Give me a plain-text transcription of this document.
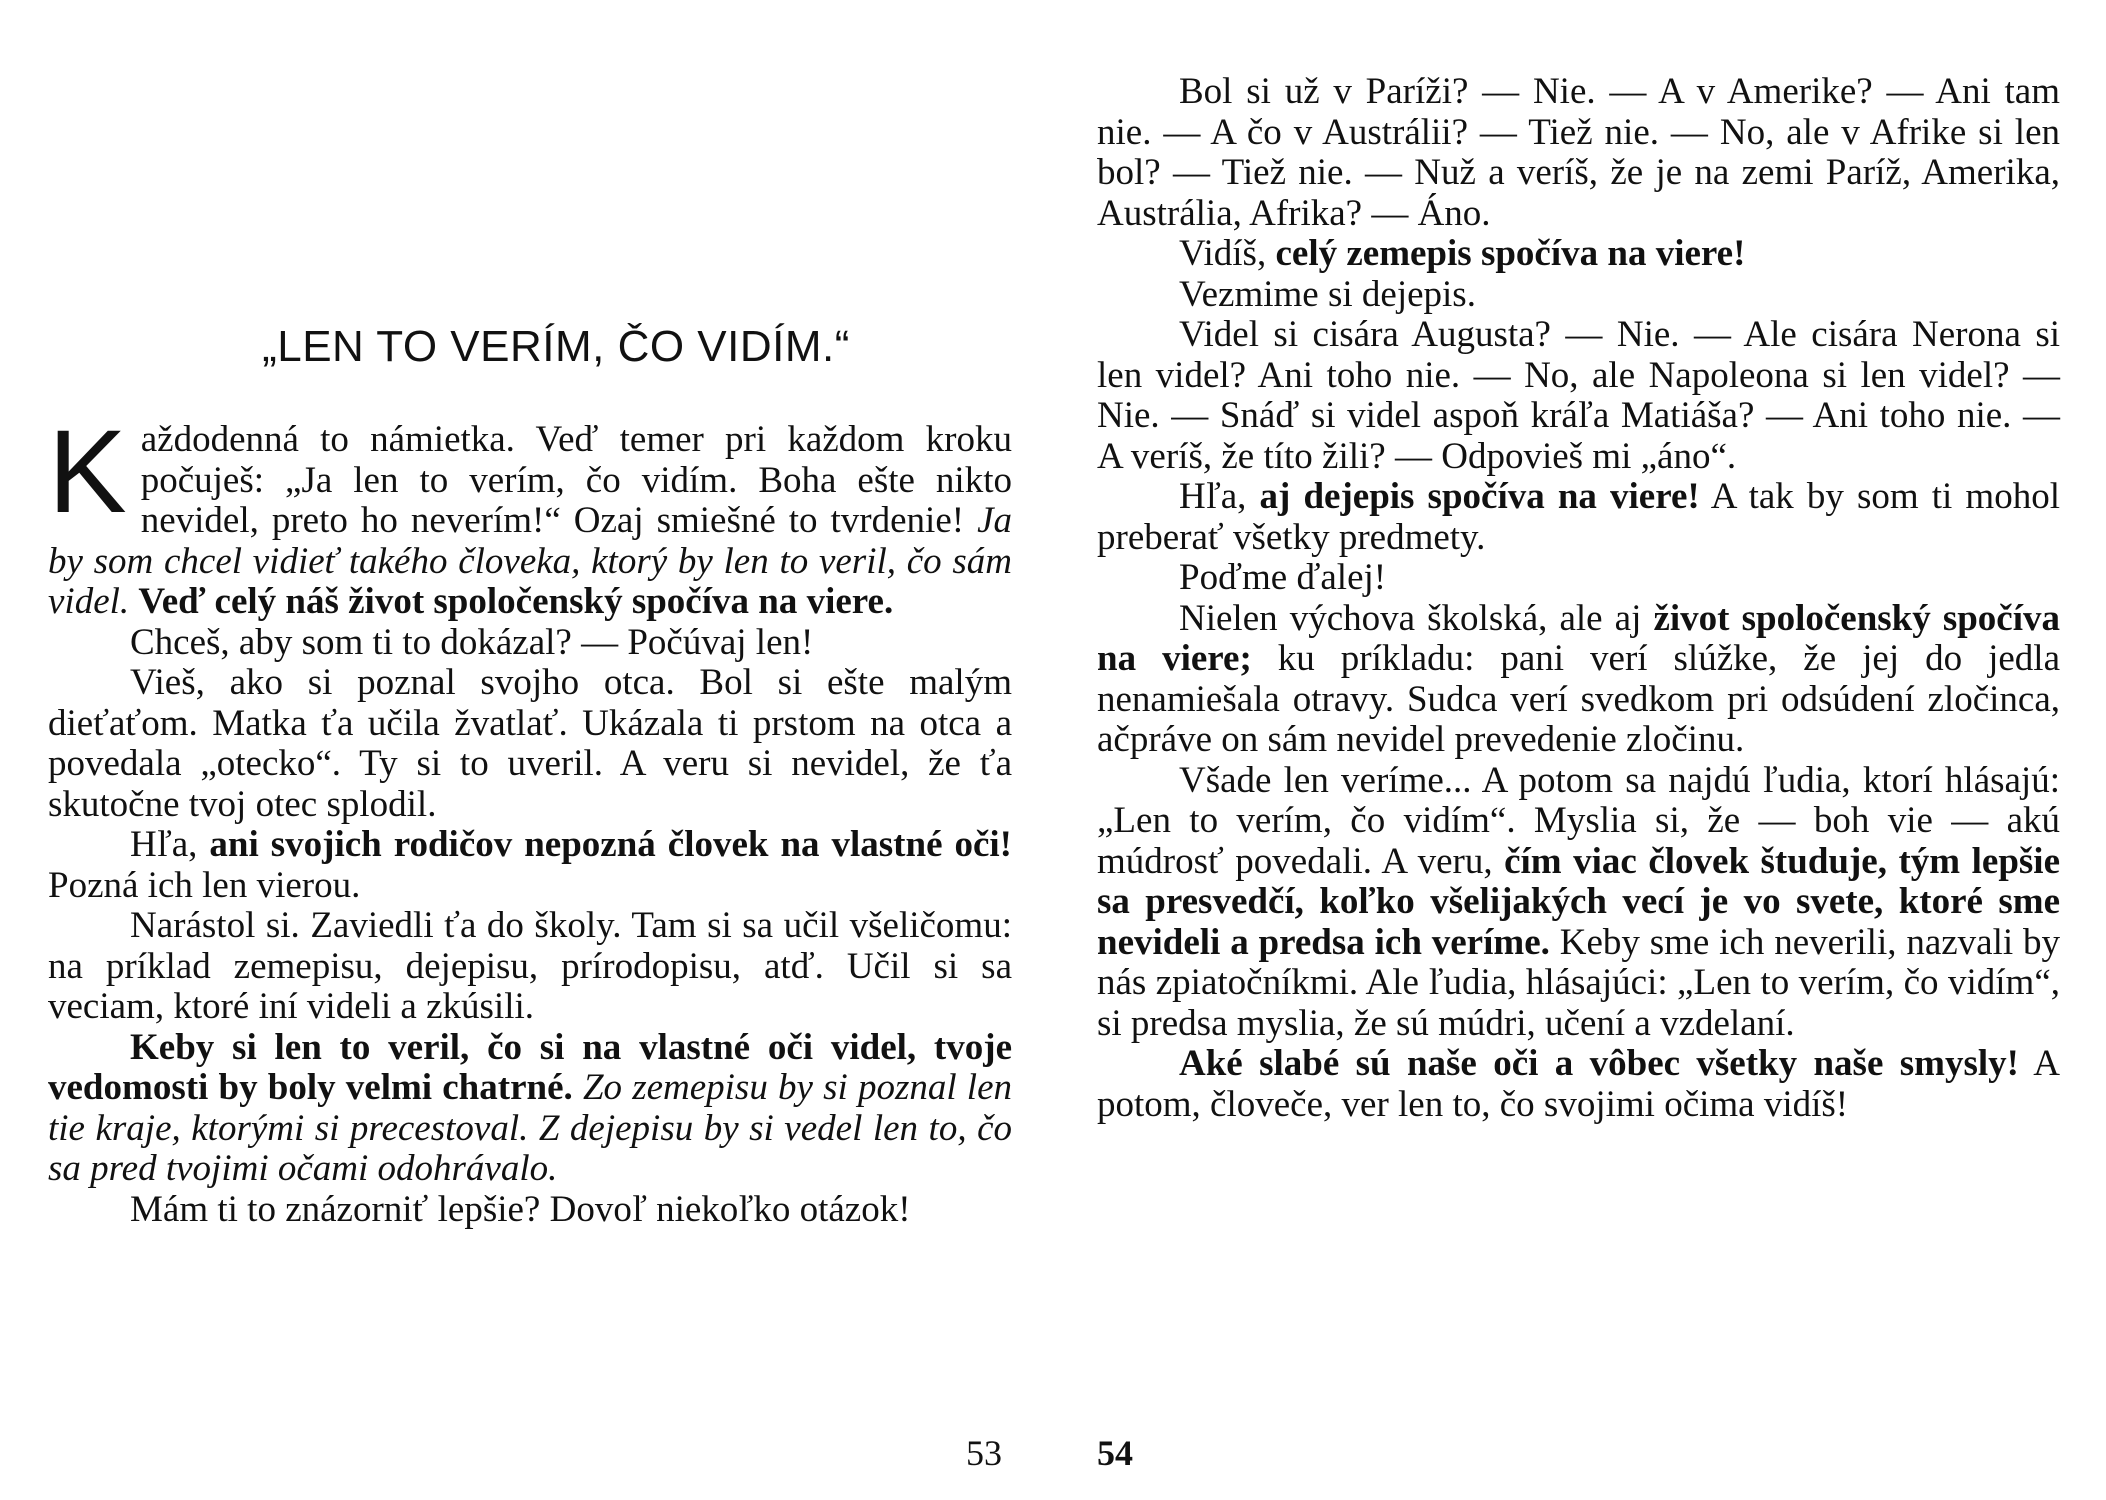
„LEN TO VERÍM, ČO VIDÍM.“

Každodenná to námietka. Veď temer pri každom kroku počuješ: „Ja len to verím, čo vidím. Boha ešte nikto nevidel, preto ho neverím!“ Ozaj smiešné to tvrdenie! Ja by som chcel vidieť takého človeka, ktorý by len to veril, čo sám videl. Veď celý náš život spoločenský spočíva na viere.

Chceš, aby som ti to dokázal? — Počúvaj len!

Vieš, ako si poznal svojho otca. Bol si ešte malým dieťaťom. Matka ťa učila žvatlať. Ukázala ti prstom na otca a povedala „otecko“. Ty si to uveril. A veru si nevidel, že ťa skutočne tvoj otec splodil.

Hľa, ani svojich rodičov nepozná človek na vlastné oči! Pozná ich len vierou.

Narástol si. Zaviedli ťa do školy. Tam si sa učil všeličomu: na príklad zemepisu, dejepisu, prírodopisu, atď. Učil si sa veciam, ktoré iní videli a zkúsili.

Keby si len to veril, čo si na vlastné oči videl, tvoje vedomosti by boly velmi chatrné. Zo zemepisu by si poznal len tie kraje, ktorými si precestoval. Z dejepisu by si vedel len to, čo sa pred tvojimi očami odohrávalo.

Mám ti to znázorniť lepšie? Dovoľ niekoľko otázok!

53

Bol si už v Paríži? — Nie. — A v Amerike? — Ani tam nie. — A čo v Austrálii? — Tiež nie. — No, ale v Afrike si len bol? — Tiež nie. — Nuž a veríš, že je na zemi Paríž, Amerika, Austrália, Afrika? — Áno.

Vidíš, celý zemepis spočíva na viere!

Vezmime si dejepis.

Videl si cisára Augusta? — Nie. — Ale cisára Nerona si len videl? Ani toho nie. — No, ale Napoleona si len videl? — Nie. — Snáď si videl aspoň kráľa Matiáša? — Ani toho nie. — A veríš, že títo žili? — Odpovieš mi „áno“.

Hľa, aj dejepis spočíva na viere! A tak by som ti mohol preberať všetky predmety.

Poďme ďalej!

Nielen výchova školská, ale aj život spoločenský spočíva na viere; ku príkladu: pani verí slúžke, že jej do jedla nenamiešala otravy. Sudca verí svedkom pri odsúdení zločinca, ačpráve on sám nevidel prevedenie zločinu.

Všade len veríme... A potom sa najdú ľudia, ktorí hlásajú: „Len to verím, čo vidím“. Myslia si, že — boh vie — akú múdrosť povedali. A veru, čím viac človek študuje, tým lepšie sa presvedčí, koľko všelijakých vecí je vo svete, ktoré sme nevideli a predsa ich veríme. Keby sme ich neverili, nazvali by nás zpiatočníkmi. Ale ľudia, hlásajúci: „Len to verím, čo vidím“, si predsa myslia, že sú múdri, učení a vzdelaní.

Aké slabé sú naše oči a vôbec všetky naše smysly! A potom, človeče, ver len to, čo svojimi očima vidíš!

54
